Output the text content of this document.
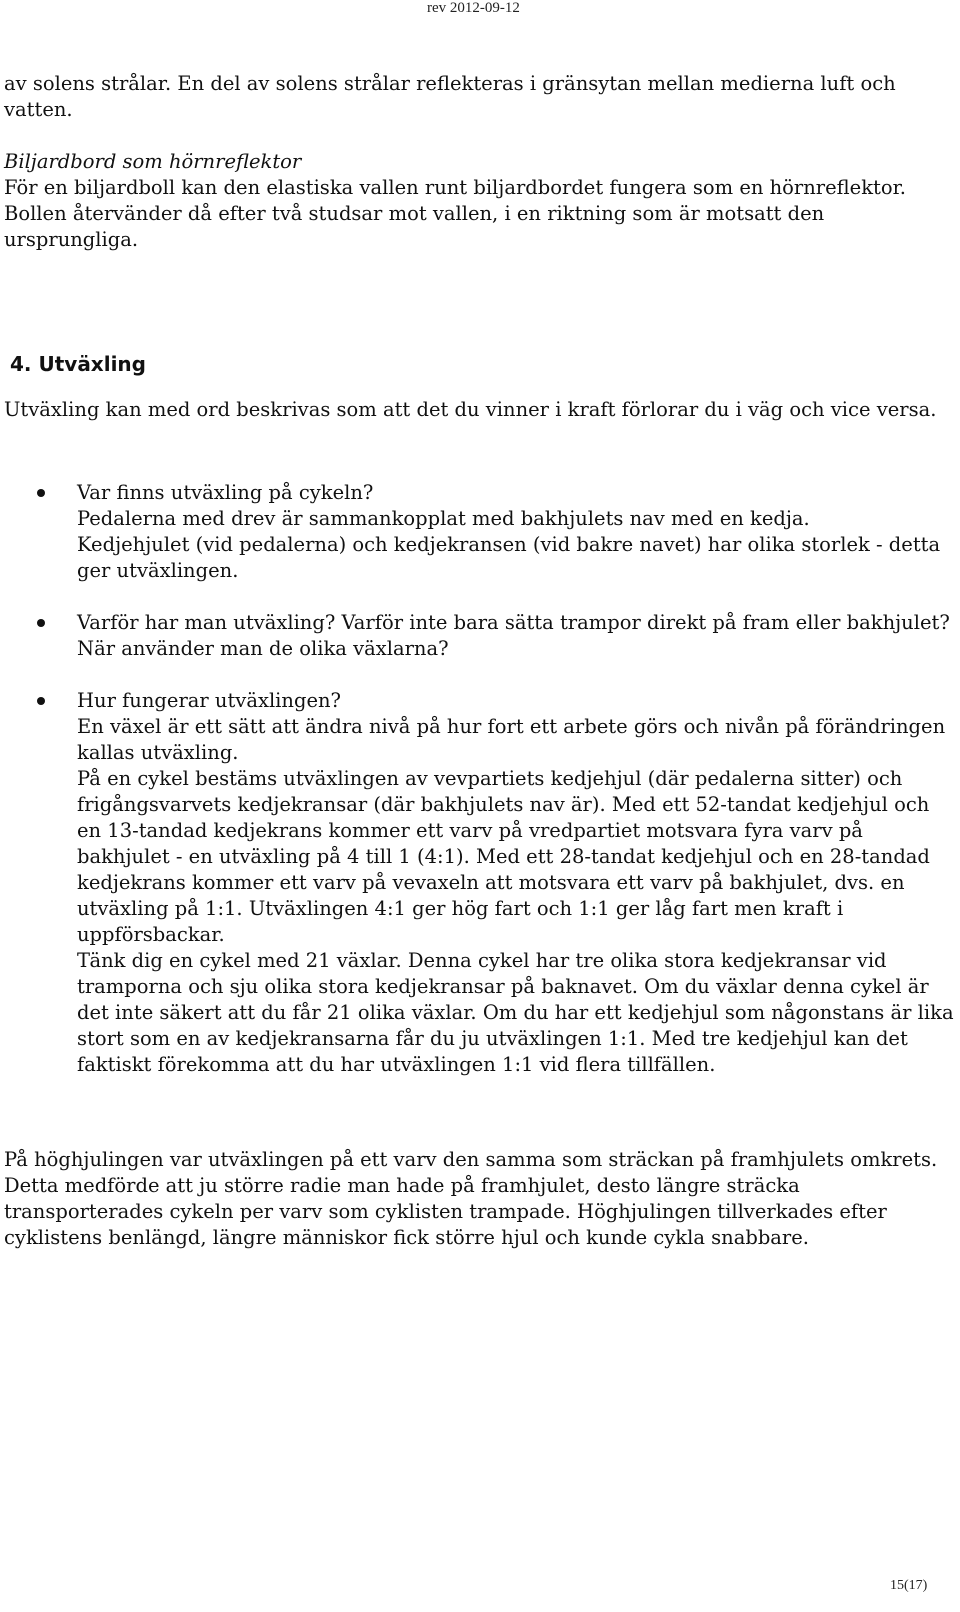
rev 2012-09-12

av solens strålar. En del av solens strålar reflekteras i gränsytan mellan medierna luft och vatten.

Biljardbord som hörnreflektor

För en biljardboll kan den elastiska vallen runt biljardbordet fungera som en hörnreflektor. Bollen återvänder då efter två studsar mot vallen, i en riktning som är motsatt den ursprungliga.

4. Utväxling

Utväxling kan med ord beskrivas som att det du vinner i kraft förlorar du i väg och vice versa.

Var finns utväxling på cykeln?

Pedalerna med drev är sammankopplat med bakhjulets nav med en kedja.

Kedjehjulet (vid pedalerna) och kedjekransen (vid bakre navet) har olika storlek - detta ger utväxlingen.

Varför har man utväxling? Varför inte bara sätta trampor direkt på fram eller bakhjulet? När använder man de olika växlarna?

Hur fungerar utväxlingen?

En växel är ett sätt att ändra nivå på hur fort ett arbete görs och nivån på förändringen kallas utväxling.

På en cykel bestäms utväxlingen av vevpartiets kedjehjul (där pedalerna sitter) och frigångsvarvets kedjekransar (där bakhjulets nav är). Med ett 52-tandat kedjehjul och en 13-tandad kedjekrans kommer ett varv på vredpartiet motsvara fyra varv på bakhjulet - en utväxling på 4 till 1 (4:1). Med ett 28-tandat kedjehjul och en 28-tandad kedjekrans kommer ett varv på vevaxeln att motsvara ett varv på bakhjulet, dvs. en utväxling på 1:1. Utväxlingen 4:1 ger hög fart och 1:1 ger låg fart men kraft i uppförsbackar.

Tänk dig en cykel med 21 växlar. Denna cykel har tre olika stora kedjekransar vid tramporna och sju olika stora kedjekransar på baknavet. Om du växlar denna cykel är det inte säkert att du får 21 olika växlar. Om du har ett kedjehjul som någonstans är lika stort som en av kedjekransarna får du ju utväxlingen 1:1. Med tre kedjehjul kan det faktiskt förekomma att du har utväxlingen 1:1 vid flera tillfällen.

På höghjulingen var utväxlingen på ett varv den samma som sträckan på framhjulets omkrets. Detta medförde att ju större radie man hade på framhjulet, desto längre sträcka transporterades cykeln per varv som cyklisten trampade. Höghjulingen tillverkades efter cyklistens benlängd, längre människor fick större hjul och kunde cykla snabbare.

15(17)
